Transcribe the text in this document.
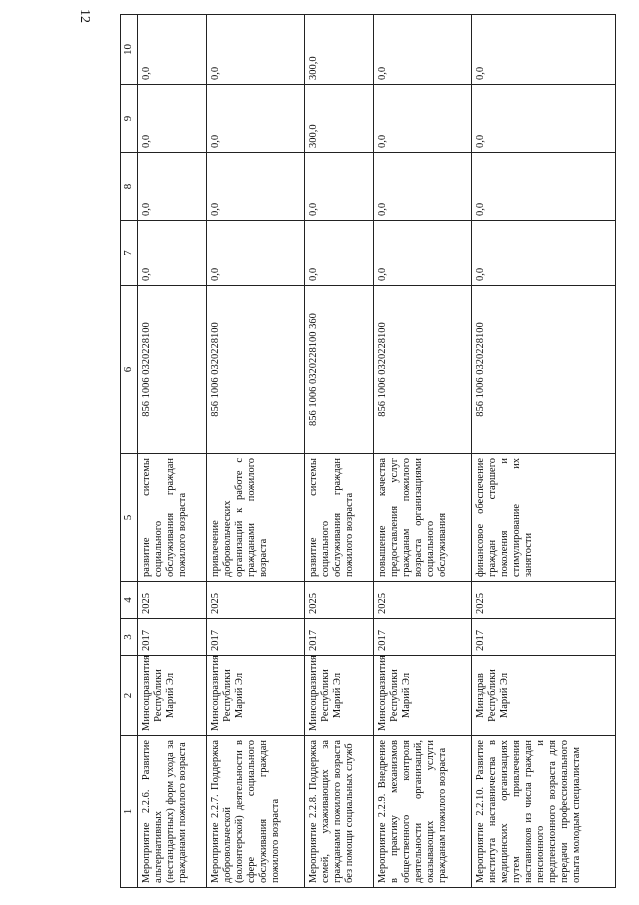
12
1	2	3	4	5	6	7	8	9	10
Мероприятие 2.2.6. Развитие альтернативных (нестандартных) форм ухода за гражданами пожилого возраста	Минсоцразвития Республики Марий Эл	2017	2025	развитие системы социального обслуживания граждан пожилого возраста	856 1006 0320228100	0,0	0,0	0,0	0,0
Мероприятие 2.2.7. Поддержка добровольческой (волонтерской) деятельности в сфере социального обслуживания граждан пожилого возраста	Минсоцразвития Республики Марий Эл	2017	2025	привлечение добровольческих организаций к работе с гражданами пожилого возраста	856 1006 0320228100	0,0	0,0	0,0	0,0
Мероприятие 2.2.8. Поддержка семей, ухаживающих за гражданами пожилого возраста без помощи социальных служб	Минсоцразвития Республики Марий Эл	2017	2025	развитие системы социального обслуживания граждан пожилого возраста	856 1006 0320228100 360	0,0	0,0	300,0	300,0
Мероприятие 2.2.9. Внедрение в практику механизмов общественного контроля деятельности организаций, оказывающих услуги гражданам пожилого возраста	Минсоцразвития Республики Марий Эл	2017	2025	повышение качества предоставления услуг гражданам пожилого возраста организациями социального обслуживания	856 1006 0320228100	0,0	0,0	0,0	0,0
Мероприятие 2.2.10. Развитие института наставничества в медицинских организациях путем привлечения наставников из числа граждан пенсионного и предпенсионного возраста для передачи профессионального опыта молодым специалистам	Минздрав Республики Марий Эл	2017	2025	финансовое обеспечение граждан старшего поколения и стимулирование их занятости	856 1006 0320228100	0,0	0,0	0,0	0,0
